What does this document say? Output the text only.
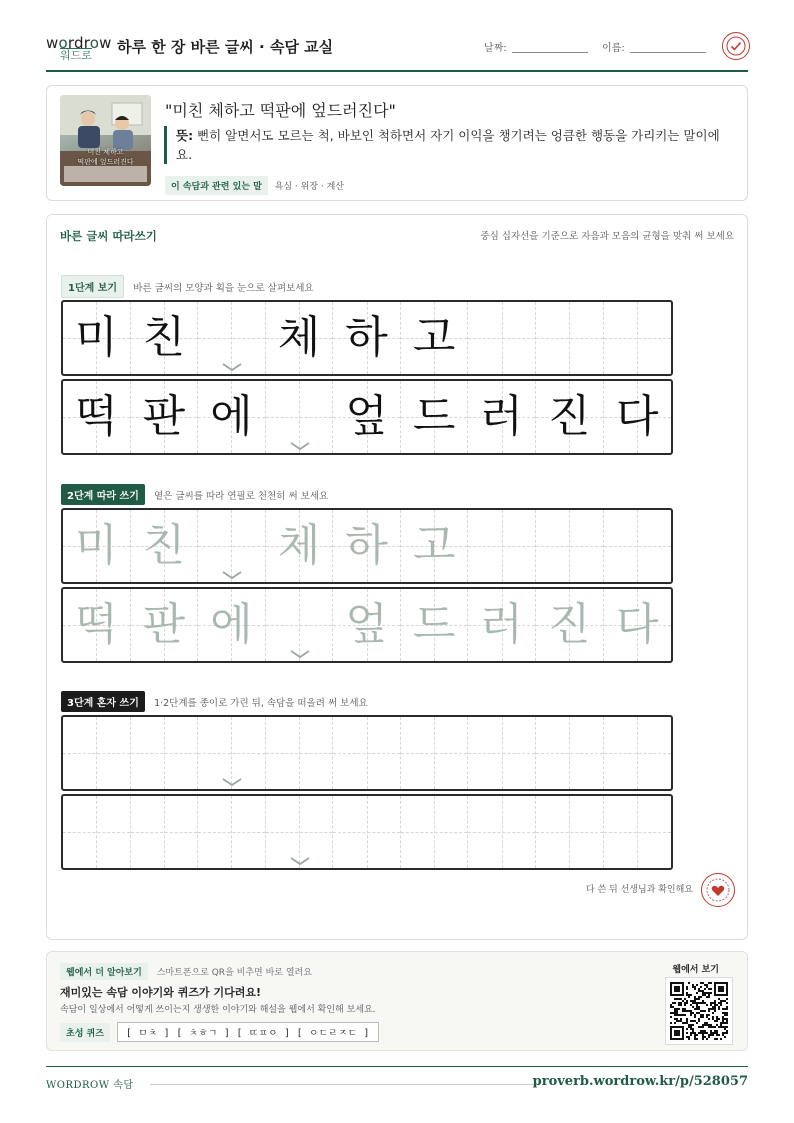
wordrow
워드로 하루 한 장 바른 글씨 · 속담 교실	날짜:	이름:
미친 체하고
떡판에 엎드러진다
"미친 체하고 떡판에 엎드러진다"
뜻: 뻔히 알면서도 모르는 척, 바보인 척하면서 자기 이익을 챙기려는 엉큼한 행동을 가리키는 말이에요.
이 속담과 관련 있는 말 욕심 · 위장 · 계산
바른 글씨 따라쓰기	중심 십자선을 기준으로 자음과 모음의 균형을 맞춰 써 보세요
1단계 보기 바른 글씨의 모양과 획을 눈으로 살펴보세요
미 친 체 하 고
떡 판 에 엎 드 러 진 다
2단계 따라 쓰기 옅은 글씨를 따라 연필로 천천히 써 보세요
미 친 체 하 고
떡 판 에 엎 드 러 진 다
3단계 혼자 쓰기 1·2단계를 종이로 가린 뒤, 속담을 떠올려 써 보세요
다 쓴 뒤 선생님과 확인해요
웹에서 더 알아보기 스마트폰으로 QR을 비추면 바로 열려요
재미있는 속담 이야기와 퀴즈가 기다려요!
속담이 일상에서 어떻게 쓰이는지 생생한 이야기와 해설을 웹에서 확인해 보세요.
초성 퀴즈	[ ㅁㅊ ] [ ㅊㅎㄱ ] [ ㄸㅍㅇ ] [ ㅇㄷㄹㅈㄷ ]
웹에서 보기
WORDROW 속담	proverb.wordrow.kr/p/528057
